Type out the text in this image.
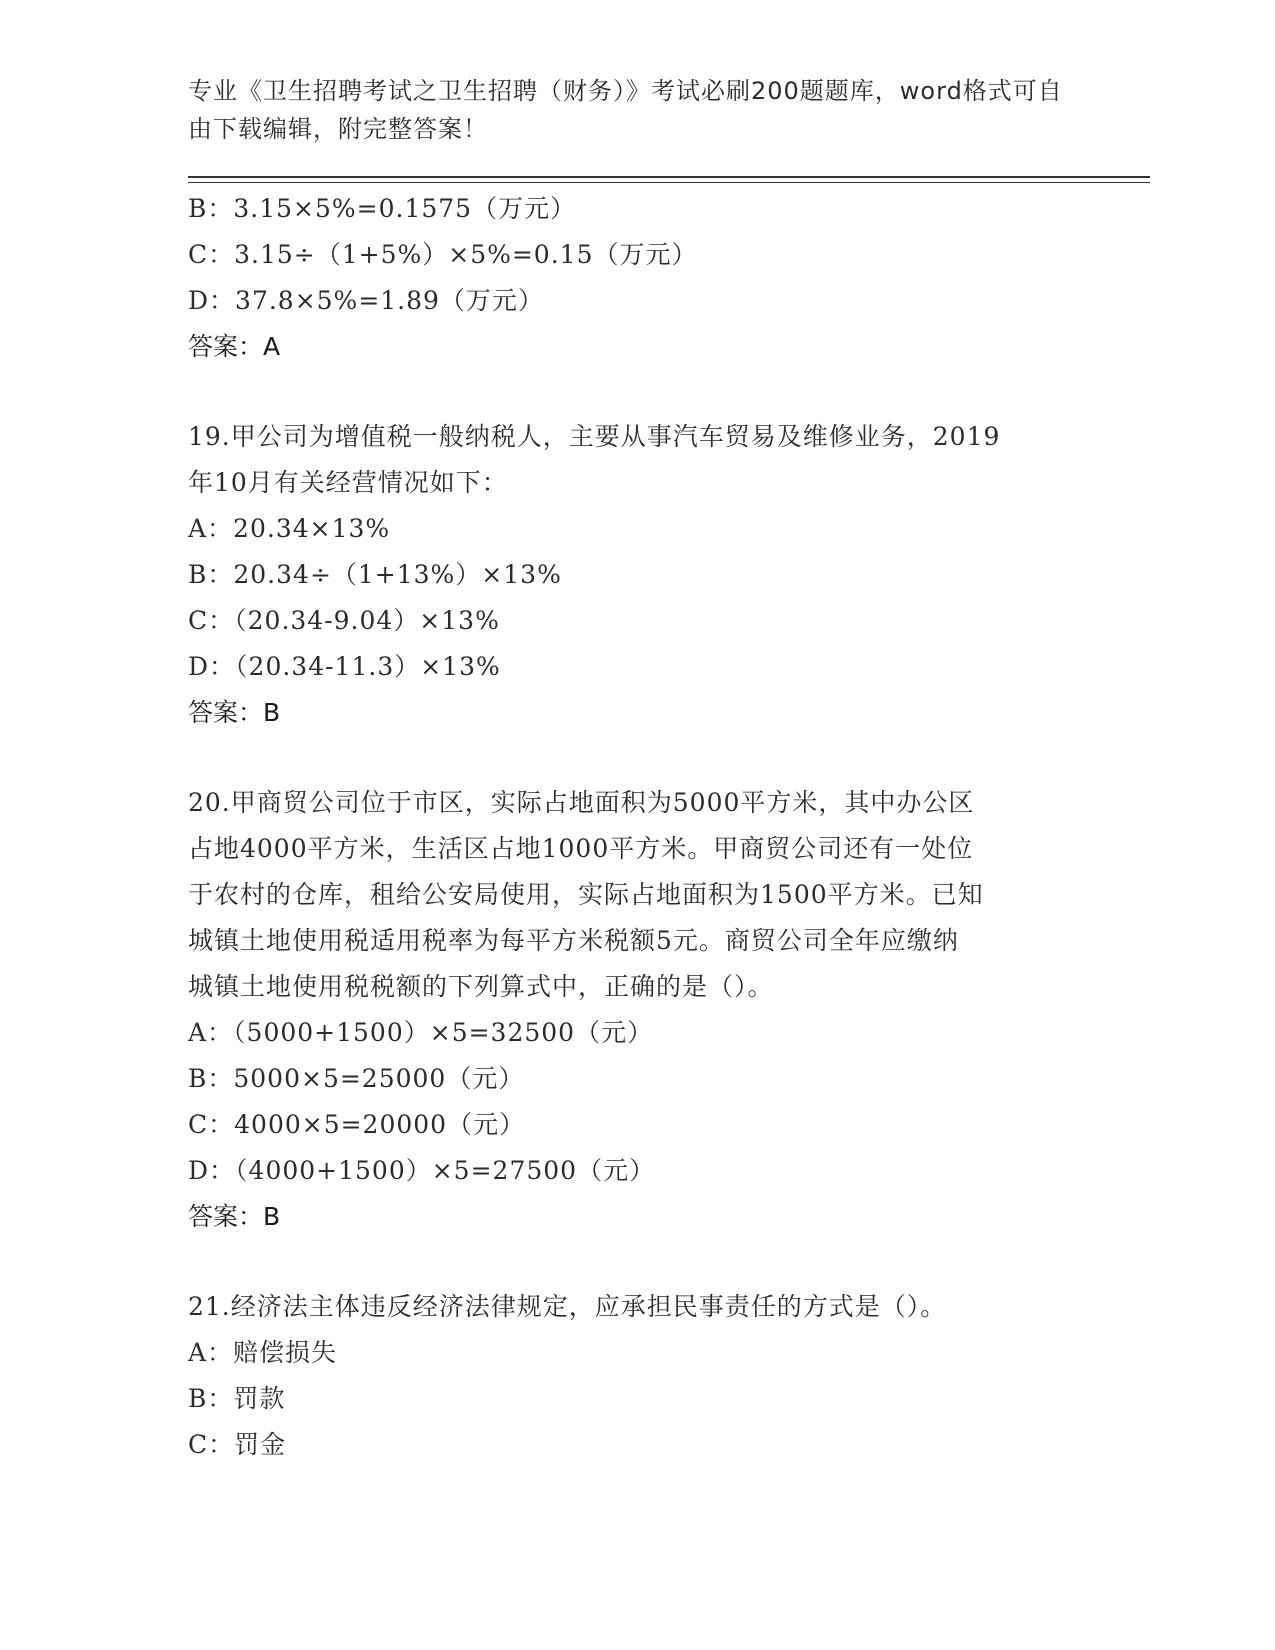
专业《卫生招聘考试之卫生招聘（财务）》考试必刷200题题库，word格式可自
由下载编辑，附完整答案！
B：3.15×5%=0.1575（万元）
C：3.15÷（1+5%）×5%=0.15（万元）
D：37.8×5%=1.89（万元）
答案：A
19.甲公司为增值税一般纳税人，主要从事汽车贸易及维修业务，2019
年10月有关经营情况如下：
A：20.34×13%
B：20.34÷（1+13%）×13%
C：（20.34-9.04）×13%
D：（20.34-11.3）×13%
答案：B
20.甲商贸公司位于市区，实际占地面积为5000平方米，其中办公区
占地4000平方米，生活区占地1000平方米。甲商贸公司还有一处位
于农村的仓库，租给公安局使用，实际占地面积为1500平方米。已知
城镇土地使用税适用税率为每平方米税额5元。商贸公司全年应缴纳
城镇土地使用税税额的下列算式中，正确的是（）。
A：（5000+1500）×5=32500（元）
B：5000×5=25000（元）
C：4000×5=20000（元）
D：（4000+1500）×5=27500（元）
答案：B
21.经济法主体违反经济法律规定，应承担民事责任的方式是（）。
A：赔偿损失
B：罚款
C：罚金
